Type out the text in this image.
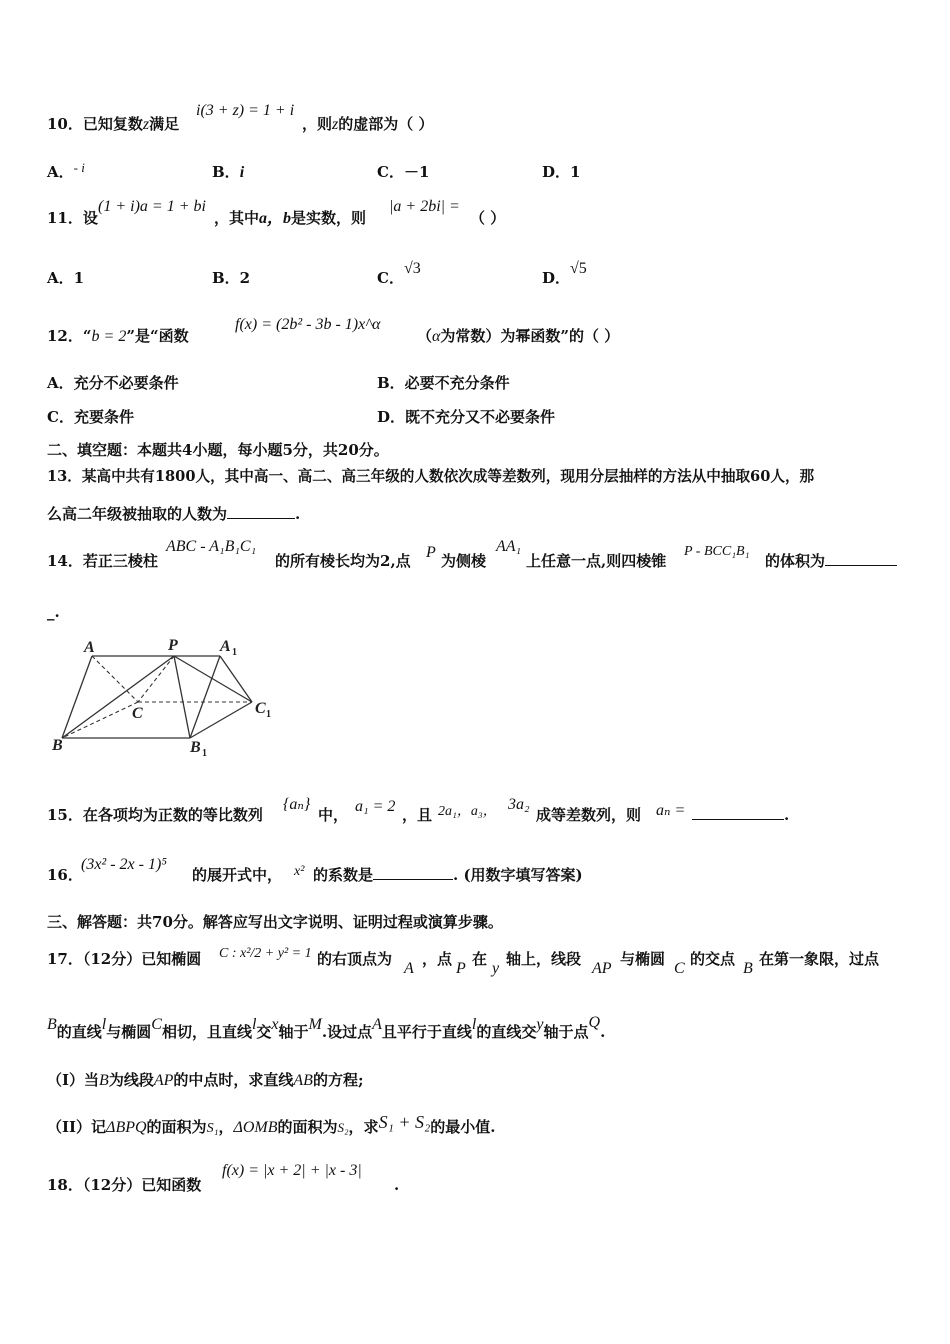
10．已知复数z满足
i(3 + z) = 1 + i
，则z的虚部为（ ）
A．- i	B．i	C．－1	D．1
11．设
(1 + i)a = 1 + bi
，其中a，b是实数，则
|a + 2bi| =
（ ）
A．1	B．2	C．√3
D．√5
12．“b = 2”是“函数
f(x) = (2b² - 3b - 1)x^α
（α为常数）为幂函数”的（ ）
A．充分不必要条件	B．必要不充分条件
C．充要条件	D．既不充分又不必要条件
二、填空题：本题共4小题，每小题5分，共20分。
13．某高中共有1800人，其中高一、高二、高三年级的人数依次成等差数列，现用分层抽样的方法从中抽取60人，那
么高二年级被抽取的人数为	.
14．若正三棱柱
ABC - A₁B₁C₁
的所有棱长均为2,点 P 为侧棱
AA₁
上任意一点,则四棱锥
P - BCC₁B₁
的体积为
_.
A	P	A 1
C	C 1
B	B 1
15．在各项均为正数的等比数列
{aₙ}
中， a₁ = 2 ，且 2a₁，a₃， 3a₂
成等差数列，则 aₙ =	.
16．
(3x² - 2x - 1)⁵
的展开式中， x² 的系数是	. (用数字填写答案)
三、解答题：共70分。解答应写出文字说明、证明过程或演算步骤。
17．（12分）已知椭圆 C : x²/2 + y² = 1 的右顶点为
A
，点
P
在
y
轴上，线段
AP
与椭圆
C
的交点
B
在第一象限，过点
B的直线l与椭圆C相切，且直线l交x轴于M.设过点A且平行于直线l的直线交y轴于点Q.
（I）当B为线段AP的中点时，求直线AB的方程;
（II）记ΔBPQ的面积为S₁，ΔOMB的面积为S₂，求S₁ + S₂的最小值.
18．（12分）已知函数
f(x) = |x + 2| + |x - 3|
.
